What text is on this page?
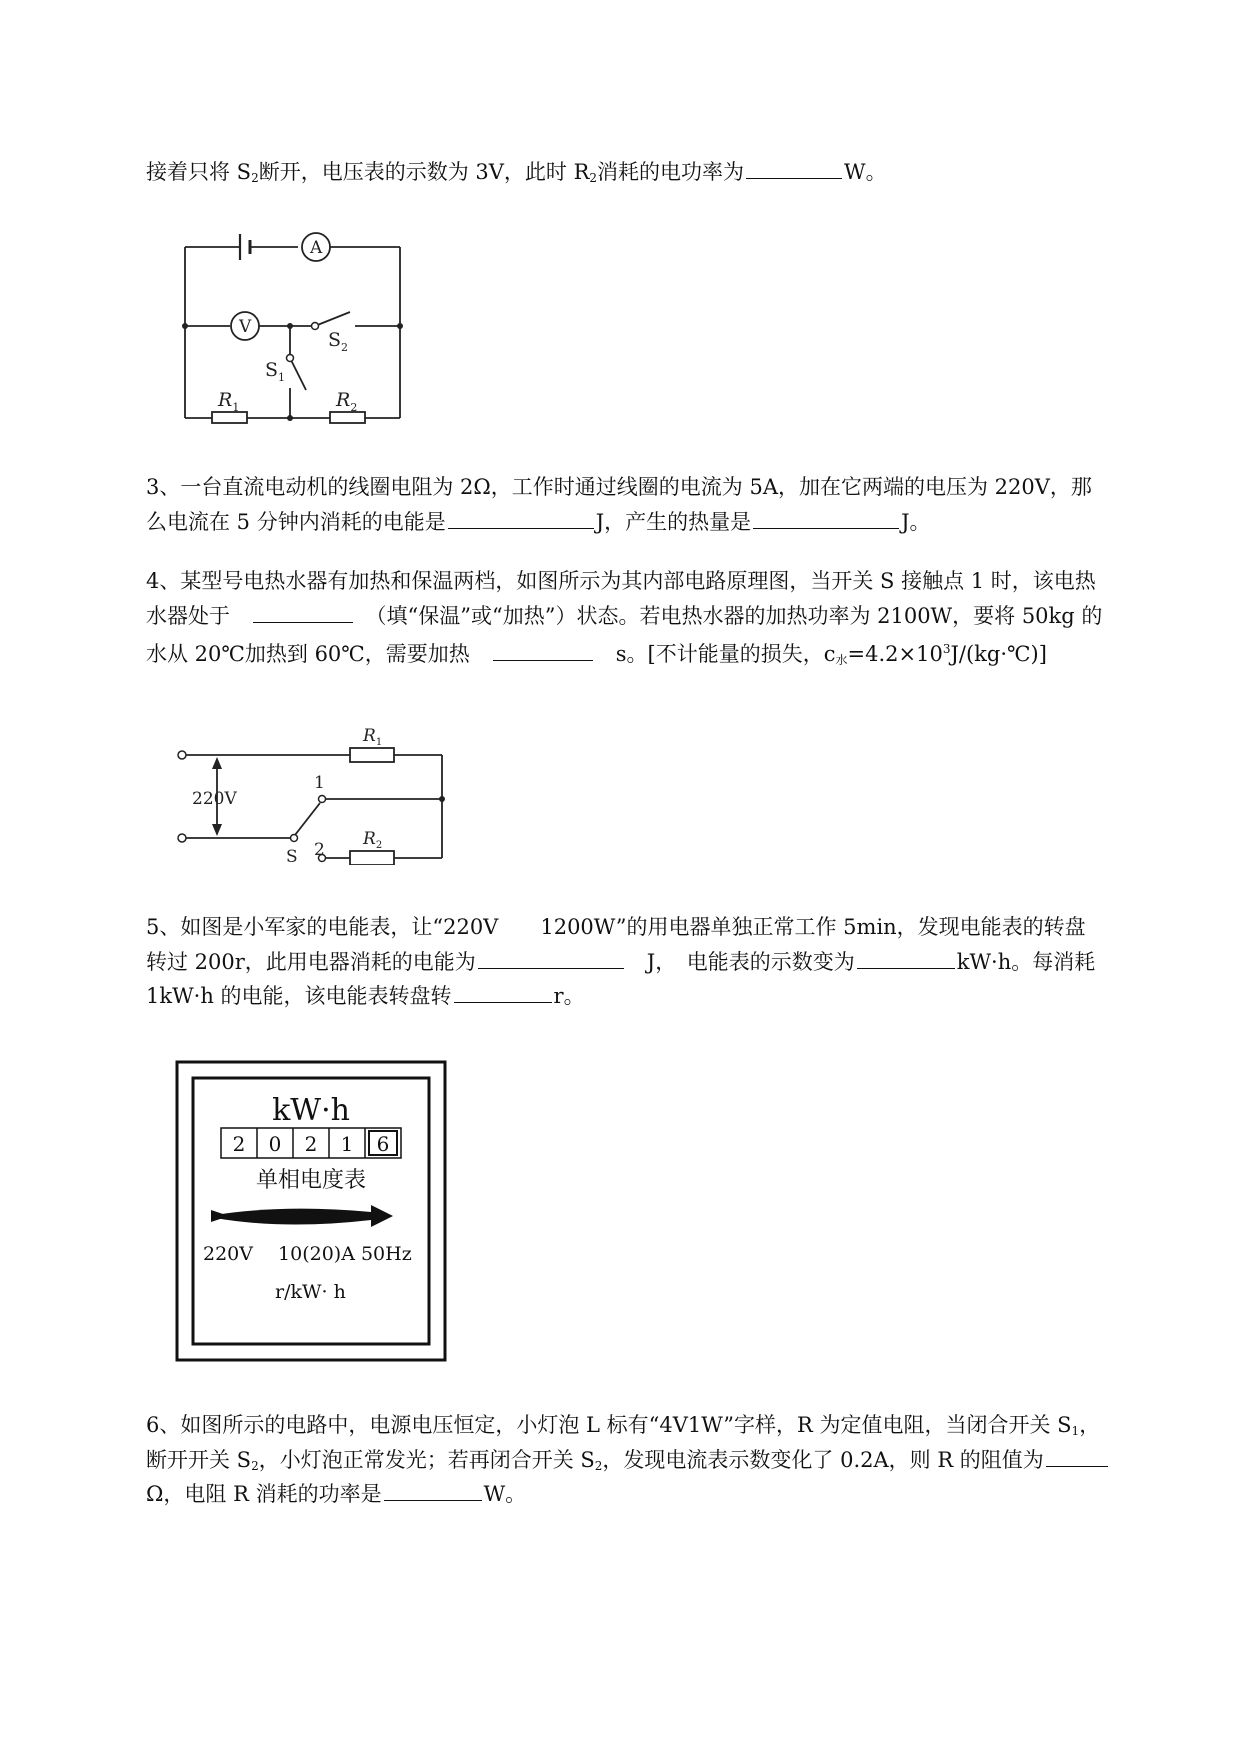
接着只将 $S_2$断开，电压表的示数为 3V，此时 $R_2$消耗的电功率为	W。
A
V
$S_1$
$S_2$
$R_1$	$R_2$
3、一台直流电动机的线圈电阻为 2Ω，工作时通过线圈的电流为 5A，加在它两端的电压为 220V，那
么电流在 5 分钟内消耗的电能是	J，产生的热量是	J。
4、某型号电热水器有加热和保温两档，如图所示为其内部电路原理图，当开关 S 接触点 1 时，该电热
水器处于　　	（填“保温”或“加热”）状态。若电热水器的加热功率为 2100W，要将 50kg 的
水从 20℃加热到 60℃，需要加热　　	s。[不计能量的损失，$c_水=4.2\times 10^3J/(kg\cdot℃)$]
220V
$R_1$
$R_2$
1
2
S
5、如图是小军家的电能表，让“220V　　1200W”的用电器单独正常工作 5min，发现电能表的转盘
转过 200r，此用电器消耗的电能为　	J，　电能表的示数变为	kW·h。每消耗
1kW·h 的电能，该电能表转盘转	r。
kW·h
2 0 2 1 6
单相电度表
220V　 10(20)A 50Hz
r/kW· h
6、如图所示的电路中，电源电压恒定，小灯泡 L 标有“4V1W”字样，R 为定值电阻，当闭合开关 $S_1$，
断开开关 $S_2$，小灯泡正常发光；若再闭合开关 $S_2$，发现电流表示数变化了 0.2A，则 R 的阻值为
Ω，电阻 R 消耗的功率是	W。
